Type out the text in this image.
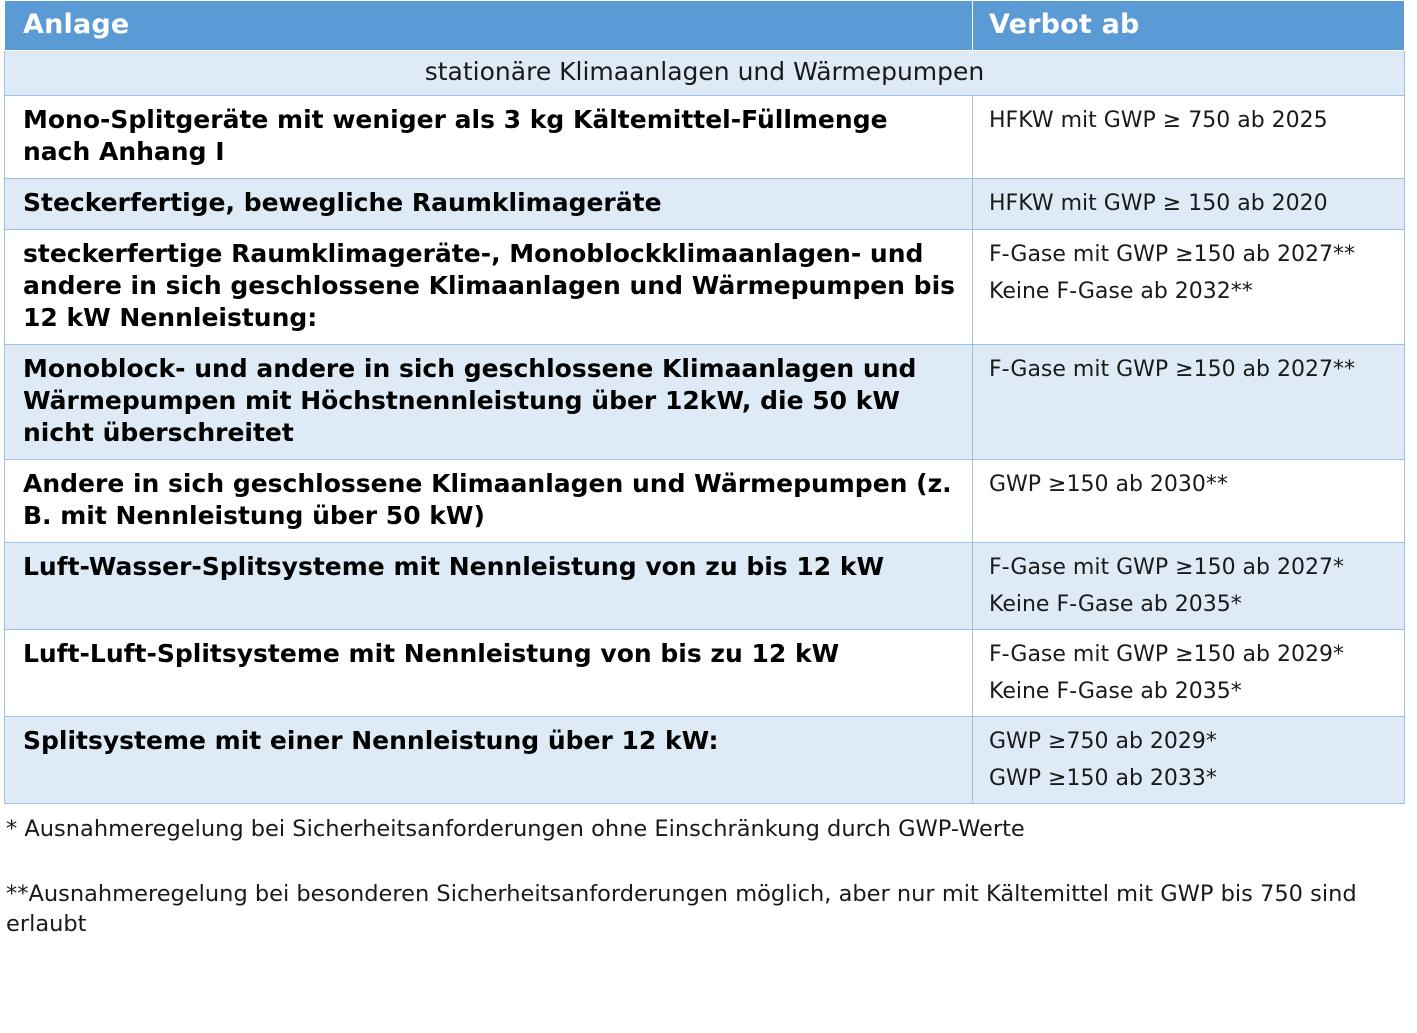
Anlage	Verbot ab
stationäre Klimaanlagen und Wärmepumpen	
Mono-Splitgeräte mit weniger als 3 kg Kältemittel-Füllmenge nach Anhang I	HFKW mit GWP ≥ 750 ab 2025

Steckerfertige, bewegliche Raumklimageräte	HFKW mit GWP ≥ 150 ab 2020

steckerfertige Raumklimageräte-, Monoblockklimaanlagen- und andere in sich geschlossene Klimaanlagen und Wärmepumpen bis 12 kW Nennleistung:	F-Gase mit GWP ≥150 ab 2027**
Keine F-Gase ab 2032**

Monoblock- und andere in sich geschlossene Klimaanlagen und Wärmepumpen mit Höchstnennleistung über 12kW, die 50 kW nicht überschreitet	F-Gase mit GWP ≥150 ab 2027**

Andere in sich geschlossene Klimaanlagen und Wärmepumpen (z. B. mit Nennleistung über 50 kW)	GWP ≥150 ab 2030**

Luft-Wasser-Splitsysteme mit Nennleistung von zu bis 12 kW	F-Gase mit GWP ≥150 ab 2027*
Keine F-Gase ab 2035*

Luft-Luft-Splitsysteme mit Nennleistung von bis zu 12 kW	F-Gase mit GWP ≥150 ab 2029*
Keine F-Gase ab 2035*

Splitsysteme mit einer Nennleistung über 12 kW:	GWP ≥750 ab 2029*
GWP ≥150 ab 2033*
* Ausnahmeregelung bei Sicherheitsanforderungen ohne Einschränkung durch GWP-Werte
**Ausnahmeregelung bei besonderen Sicherheitsanforderungen möglich, aber nur mit Kältemittel mit GWP bis 750 sind erlaubt
